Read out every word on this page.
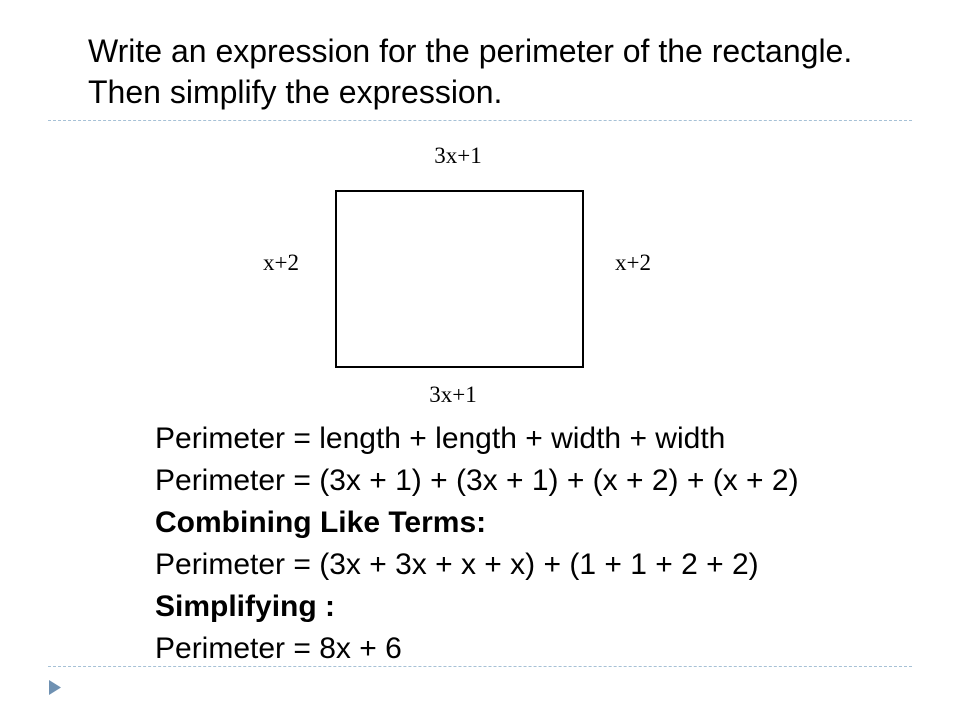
Write an expression for the perimeter of the rectangle.
Then simplify the expression.
3x+1
x+2	x+2
3x+1
Perimeter = length + length + width + width
Perimeter = (3x + 1) + (3x + 1) + (x + 2) + (x + 2)
Combining Like Terms:
Perimeter = (3x + 3x + x + x) + (1 + 1 + 2 + 2)
Simplifying :
Perimeter = 8x + 6
